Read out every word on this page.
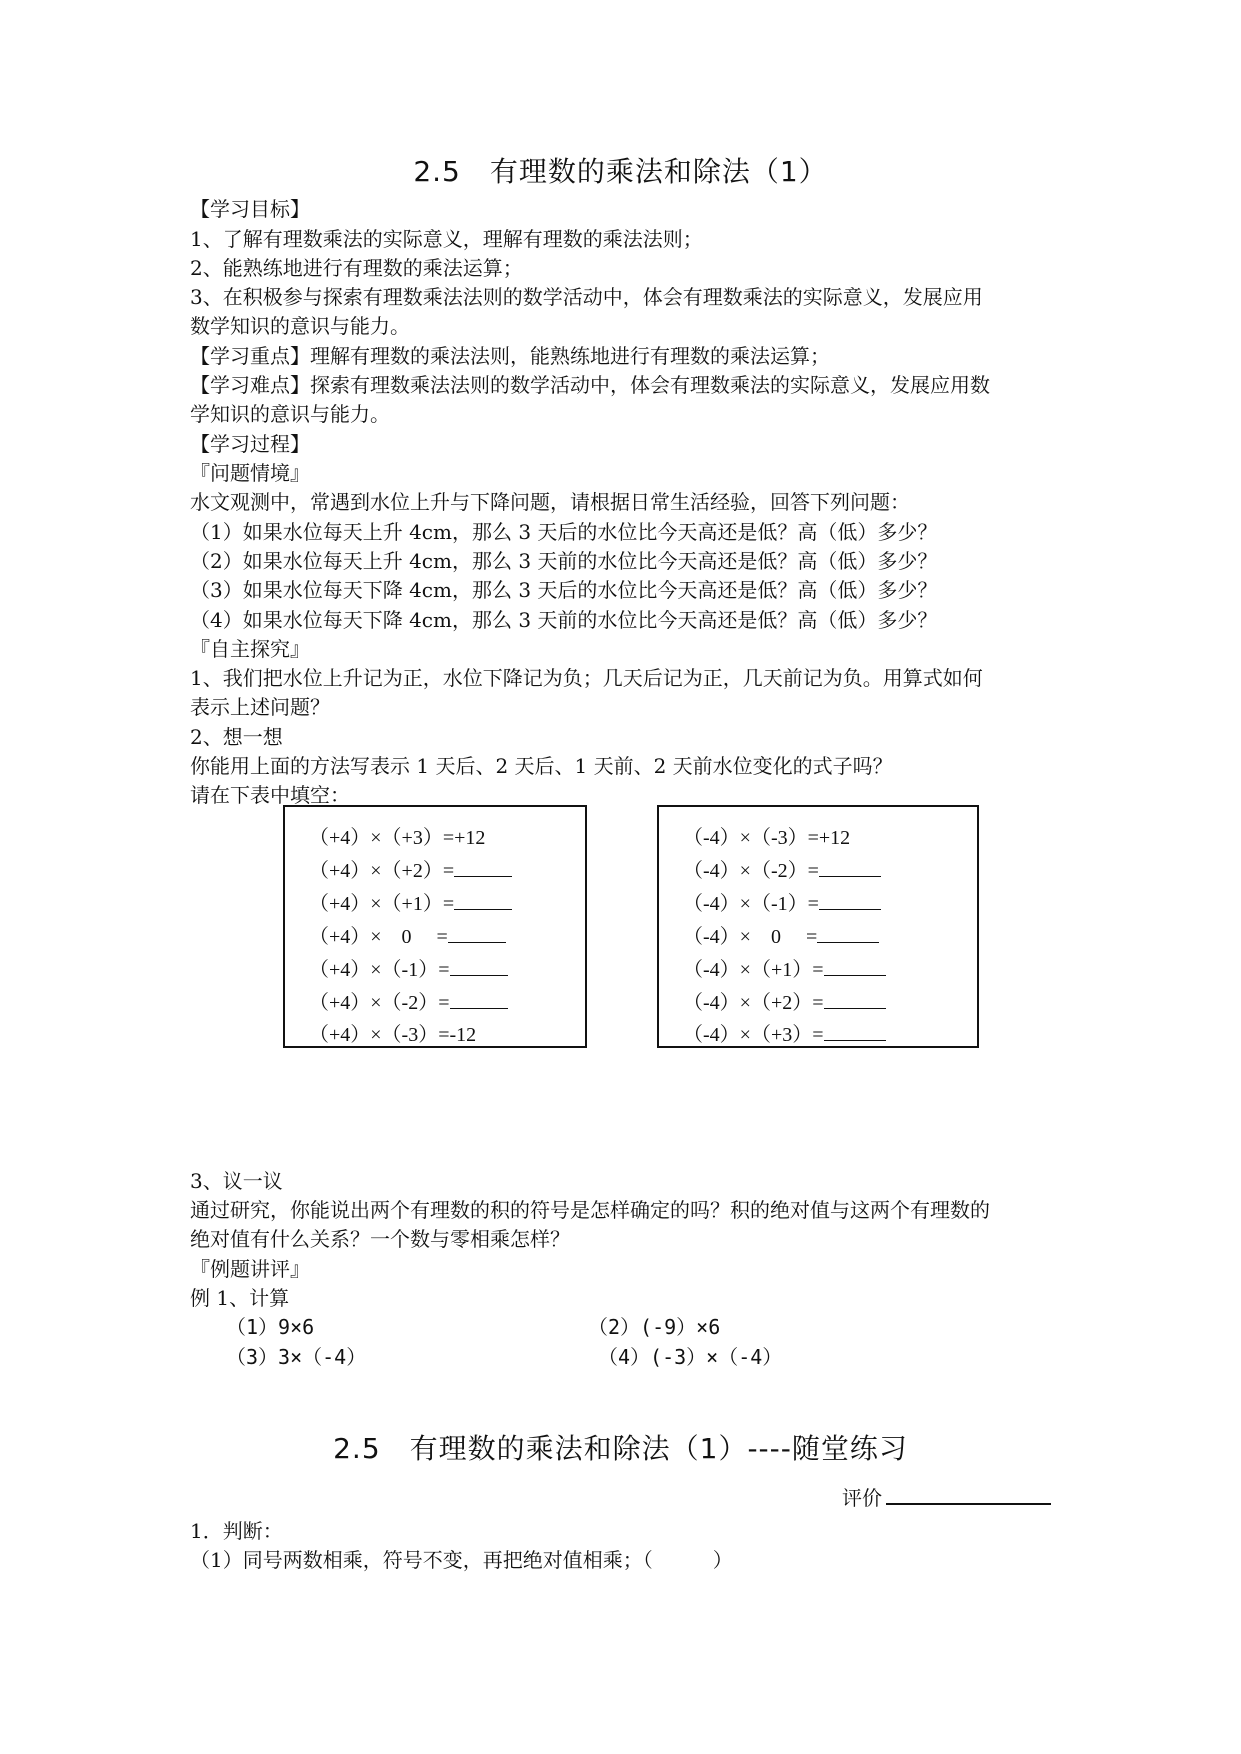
2.5　有理数的乘法和除法（1）
【学习目标】
1、了解有理数乘法的实际意义，理解有理数的乘法法则；
2、能熟练地进行有理数的乘法运算；
3、在积极参与探索有理数乘法法则的数学活动中，体会有理数乘法的实际意义，发展应用
数学知识的意识与能力。
【学习重点】理解有理数的乘法法则，能熟练地进行有理数的乘法运算；
【学习难点】探索有理数乘法法则的数学活动中，体会有理数乘法的实际意义，发展应用数
学知识的意识与能力。
【学习过程】
『问题情境』
水文观测中，常遇到水位上升与下降问题，请根据日常生活经验，回答下列问题：
（1）如果水位每天上升 4cm，那么 3 天后的水位比今天高还是低？高（低）多少？
（2）如果水位每天上升 4cm，那么 3 天前的水位比今天高还是低？高（低）多少？
（3）如果水位每天下降 4cm，那么 3 天后的水位比今天高还是低？高（低）多少？
（4）如果水位每天下降 4cm，那么 3 天前的水位比今天高还是低？高（低）多少？
『自主探究』
1、我们把水位上升记为正，水位下降记为负；几天后记为正，几天前记为负。用算式如何
表示上述问题？
2、想一想
你能用上面的方法写表示 1 天后、2 天后、1 天前、2 天前水位变化的式子吗？
请在下表中填空：
（+4）×（+3）=+12
（+4）×（+2）=
（+4）×（+1）=
（+4）×　0　 =
（+4）×（-1）=
（+4）×（-2）=
（+4）×（-3）=-12
（-4）×（-3）=+12
（-4）×（-2）=
（-4）×（-1）=
（-4）×　0　 =
（-4）×（+1）=
（-4）×（+2）=
（-4）×（+3）=
3、议一议
通过研究，你能说出两个有理数的积的符号是怎样确定的吗？积的绝对值与这两个有理数的
绝对值有什么关系？一个数与零相乘怎样？
『例题讲评』
例 1、计算
（1）9×6	（2）(-9）×6
（3）3×（-4）	（4）(-3）×（-4）
2.5　有理数的乘法和除法（1）----随堂练习
评价
1．判断：
（1）同号两数相乘，符号不变，再把绝对值相乘；（　　　）
